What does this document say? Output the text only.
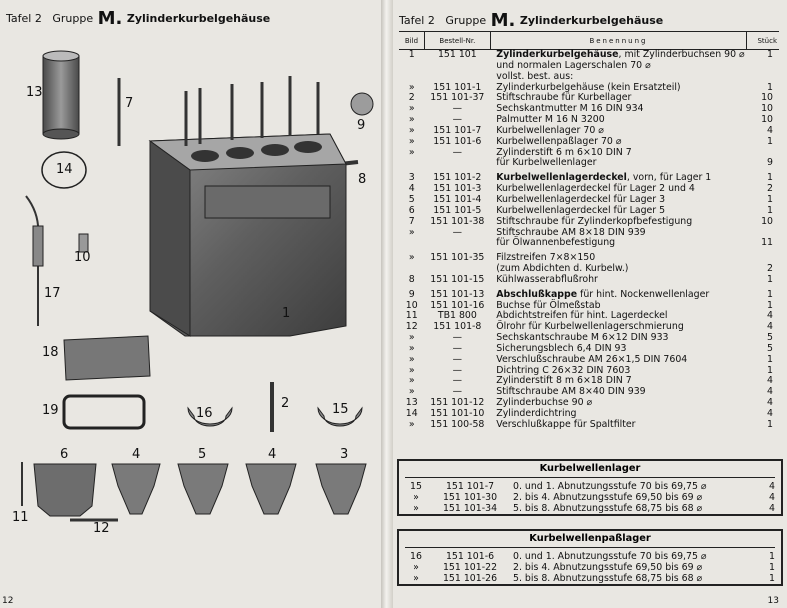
Tafel 2 Gruppe M. Zylinderkurbelgehäuse
13
7
9
8
14
10
17
1
18
2
19	16	15
6	4	5	4	3
11
12
12
Tafel 2 Gruppe M. Zylinderkurbelgehäuse
Bild	Bestell-Nr.	Benennung	Stück
1	151 101	Zylinderkurbelgehäuse, mit Zylinderbuchsen 90 ⌀	1
		und normalen Lagerschalen 70 ⌀	
		vollst. best. aus:	
»	151 101-1	Zylinderkurbelgehäuse (kein Ersatzteil)	1
2	151 101-37	Stiftschraube für Kurbellager	10
»	—	Sechskantmutter M 16 DIN 934	10
»	—	Palmutter M 16 N 3200	10
»	151 101-7	Kurbelwellenlager 70 ⌀	4
»	151 101-6	Kurbelwellenpaßlager 70 ⌀	1
»	—	Zylinderstift 6 m 6×10 DIN 7	
		für Kurbelwellenlager	9
3	151 101-2	Kurbelwellenlagerdeckel, vorn, für Lager 1	1
4	151 101-3	Kurbelwellenlagerdeckel für Lager 2 und 4	2
5	151 101-4	Kurbelwellenlagerdeckel für Lager 3	1
6	151 101-5	Kurbelwellenlagerdeckel für Lager 5	1
7	151 101-38	Stiftschraube für Zylinderkopfbefestigung	10
»	—	Stiftschraube AM 8×18 DIN 939	
		für Ölwannenbefestigung	11
»	151 101-35	Filzstreifen 7×8×150	
		(zum Abdichten d. Kurbelw.)	2
8	151 101-15	Kühlwasserabflußrohr	1
9	151 101-13	Abschlußkappe für hint. Nockenwellenlager	1
10	151 101-16	Buchse für Ölmeßstab	1
11	TB1 800	Abdichtstreifen für hint. Lagerdeckel	4
12	151 101-8	Ölrohr für Kurbelwellenlagerschmierung	4
»	—	Sechskantschraube M 6×12 DIN 933	5
»	—	Sicherungsblech 6,4 DIN 93	5
»	—	Verschlußschraube AM 26×1,5 DIN 7604	1
»	—	Dichtring C 26×32 DIN 7603	1
»	—	Zylinderstift 8 m 6×18 DIN 7	4
»	—	Stiftschraube AM 8×40 DIN 939	4
13	151 101-12	Zylinderbuchse 90 ⌀	4
14	151 101-10	Zylinderdichtring	4
»	151 100-58	Verschlußkappe für Spaltfilter	1
Kurbelwellenlager
15	151 101-7	0. und 1. Abnutzungsstufe 70 bis 69,75 ⌀	4
»	151 101-30	2. bis 4. Abnutzungsstufe 69,50 bis 69 ⌀	4
»	151 101-34	5. bis 8. Abnutzungsstufe 68,75 bis 68 ⌀	4
Kurbelwellenpaßlager
16	151 101-6	0. und 1. Abnutzungsstufe 70 bis 69,75 ⌀	1
»	151 101-22	2. bis 4. Abnutzungsstufe 69,50 bis 69 ⌀	1
»	151 101-26	5. bis 8. Abnutzungsstufe 68,75 bis 68 ⌀	1
13
